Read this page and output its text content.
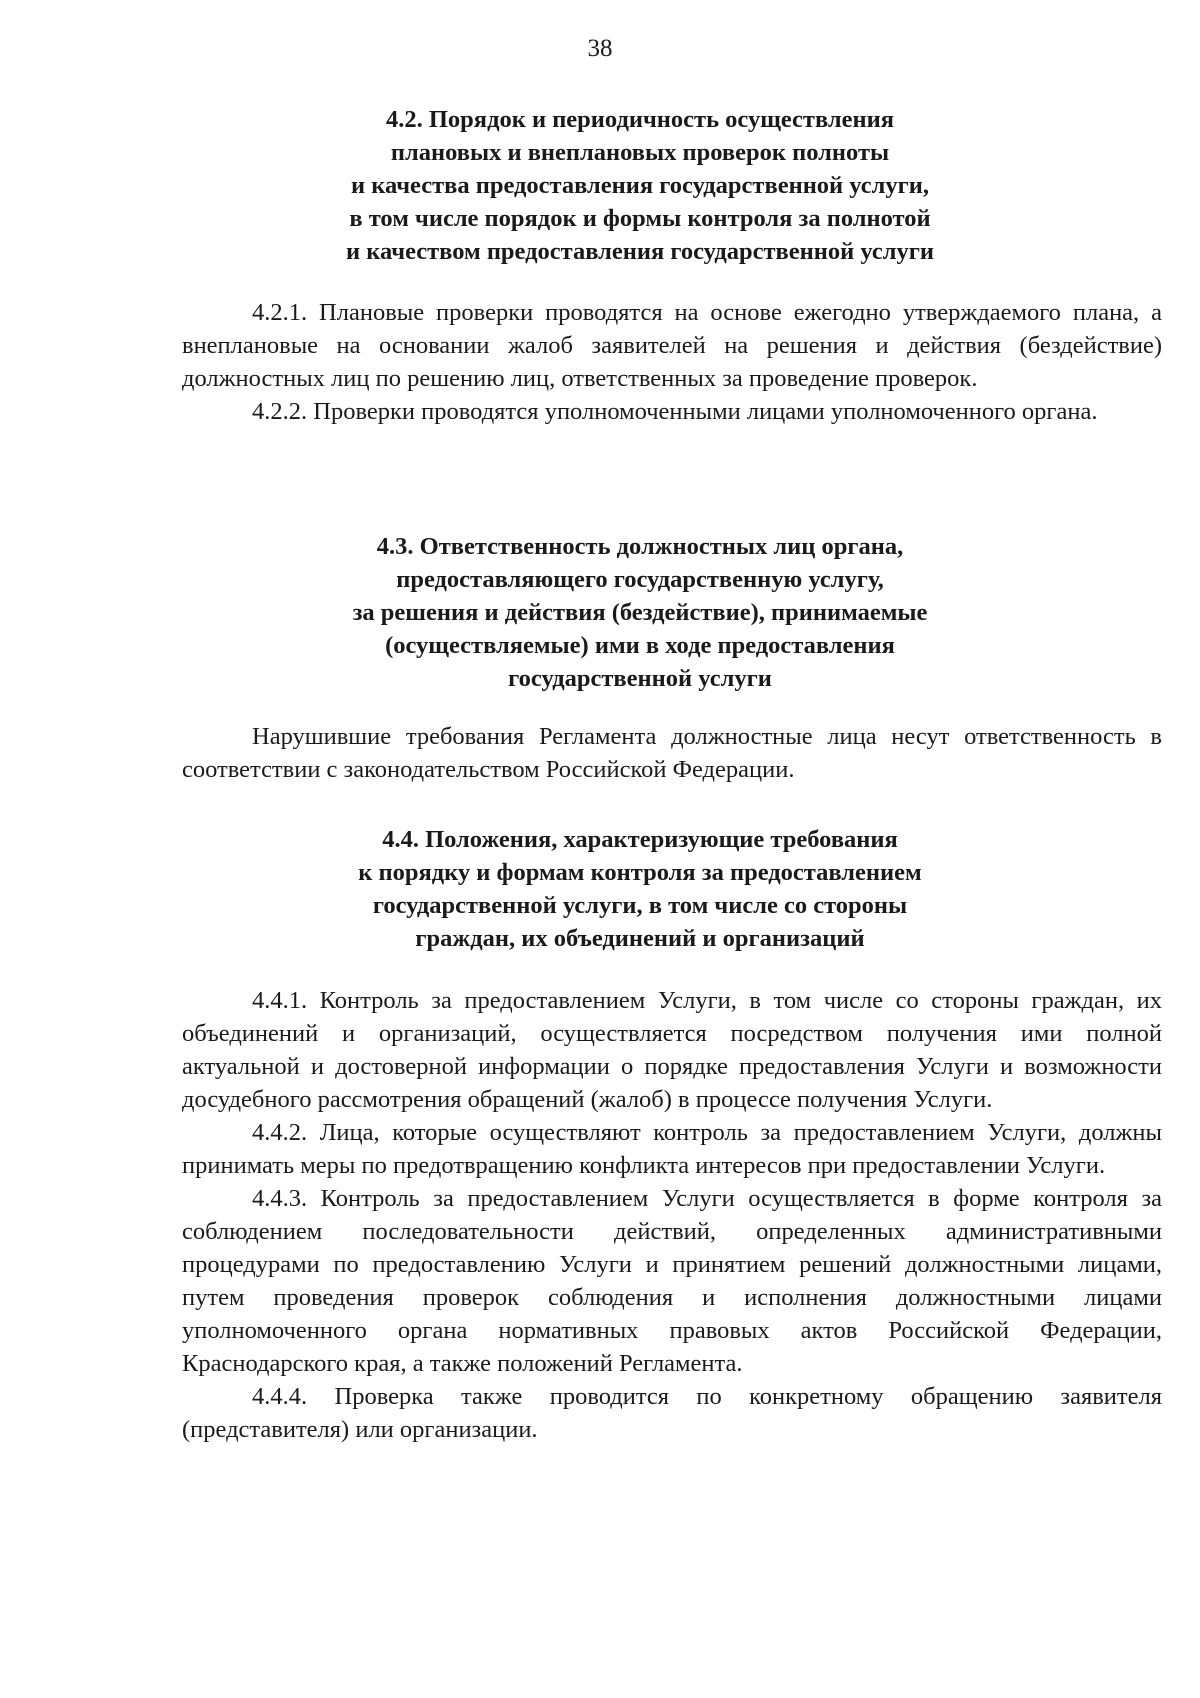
38
4.2. Порядок и периодичность осуществления
плановых и внеплановых проверок полноты
и качества предоставления государственной услуги,
в том числе порядок и формы контроля за полнотой
и качеством предоставления государственной услуги

4.2.1. Плановые проверки проводятся на основе ежегодно утверждаемого плана, а внеплановые на основании жалоб заявителей на решения и действия (бездействие) должностных лиц по решению лиц, ответственных за проведение проверок.

4.2.2. Проверки проводятся уполномоченными лицами уполномоченного органа.

4.3. Ответственность должностных лиц органа,
предоставляющего государственную услугу,
за решения и действия (бездействие), принимаемые
(осуществляемые) ими в ходе предоставления
государственной услуги

Нарушившие требования Регламента должностные лица несут ответственность в соответствии с законодательством Российской Федерации.

4.4. Положения, характеризующие требования
к порядку и формам контроля за предоставлением
государственной услуги, в том числе со стороны
граждан, их объединений и организаций

4.4.1. Контроль за предоставлением Услуги, в том числе со стороны граждан, их объединений и организаций, осуществляется посредством получения ими полной актуальной и достоверной информации о порядке предоставления Услуги и возможности досудебного рассмотрения обращений (жалоб) в процессе получения Услуги.

4.4.2. Лица, которые осуществляют контроль за предоставлением Услуги, должны принимать меры по предотвращению конфликта интересов при предоставлении Услуги.

4.4.3. Контроль за предоставлением Услуги осуществляется в форме контроля за соблюдением последовательности действий, определенных административными процедурами по предоставлению Услуги и принятием решений должностными лицами, путем проведения проверок соблюдения и исполнения должностными лицами уполномоченного органа нормативных правовых актов Российской Федерации, Краснодарского края, а также положений Регламента.

4.4.4. Проверка также проводится по конкретному обращению заявителя (представителя) или организации.
